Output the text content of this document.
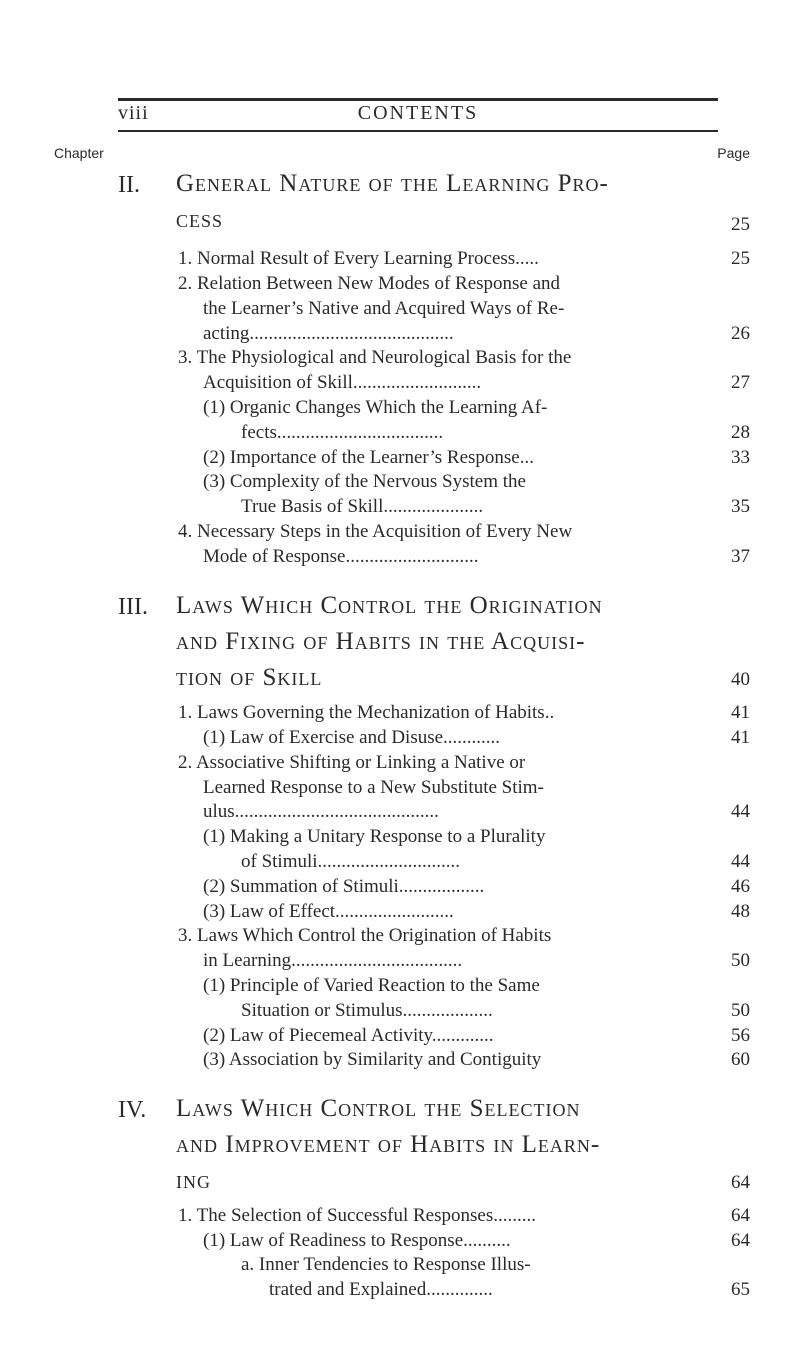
viii	CONTENTS
Chapter	Page
II. General Nature of the Learning Pro-
cess	25
1. Normal Result of Every Learning Process.....	25
2. Relation Between New Modes of Response and
the Learner’s Native and Acquired Ways of Re-
acting...........................................	26
3. The Physiological and Neurological Basis for the
Acquisition of Skill...........................	27
(1) Organic Changes Which the Learning Af-
fects...................................	28
(2) Importance of the Learner’s Response...	33
(3) Complexity of the Nervous System the
True Basis of Skill.....................	35
4. Necessary Steps in the Acquisition of Every New
Mode of Response............................	37
III. Laws Which Control the Origination
and Fixing of Habits in the Acquisi-
tion of Skill	40
1. Laws Governing the Mechanization of Habits..	41
(1) Law of Exercise and Disuse............	41
2. Associative Shifting or Linking a Native or
Learned Response to a New Substitute Stim-
ulus...........................................	44
(1) Making a Unitary Response to a Plurality
of Stimuli..............................	44
(2) Summation of Stimuli..................	46
(3) Law of Effect.........................	48
3. Laws Which Control the Origination of Habits
in Learning....................................	50
(1) Principle of Varied Reaction to the Same
Situation or Stimulus...................	50
(2) Law of Piecemeal Activity.............	56
(3) Association by Similarity and Contiguity	60
IV. Laws Which Control the Selection
and Improvement of Habits in Learn-
ing	64
1. The Selection of Successful Responses.........	64
(1) Law of Readiness to Response..........	64
a. Inner Tendencies to Response Illus-
trated and Explained..............	65
